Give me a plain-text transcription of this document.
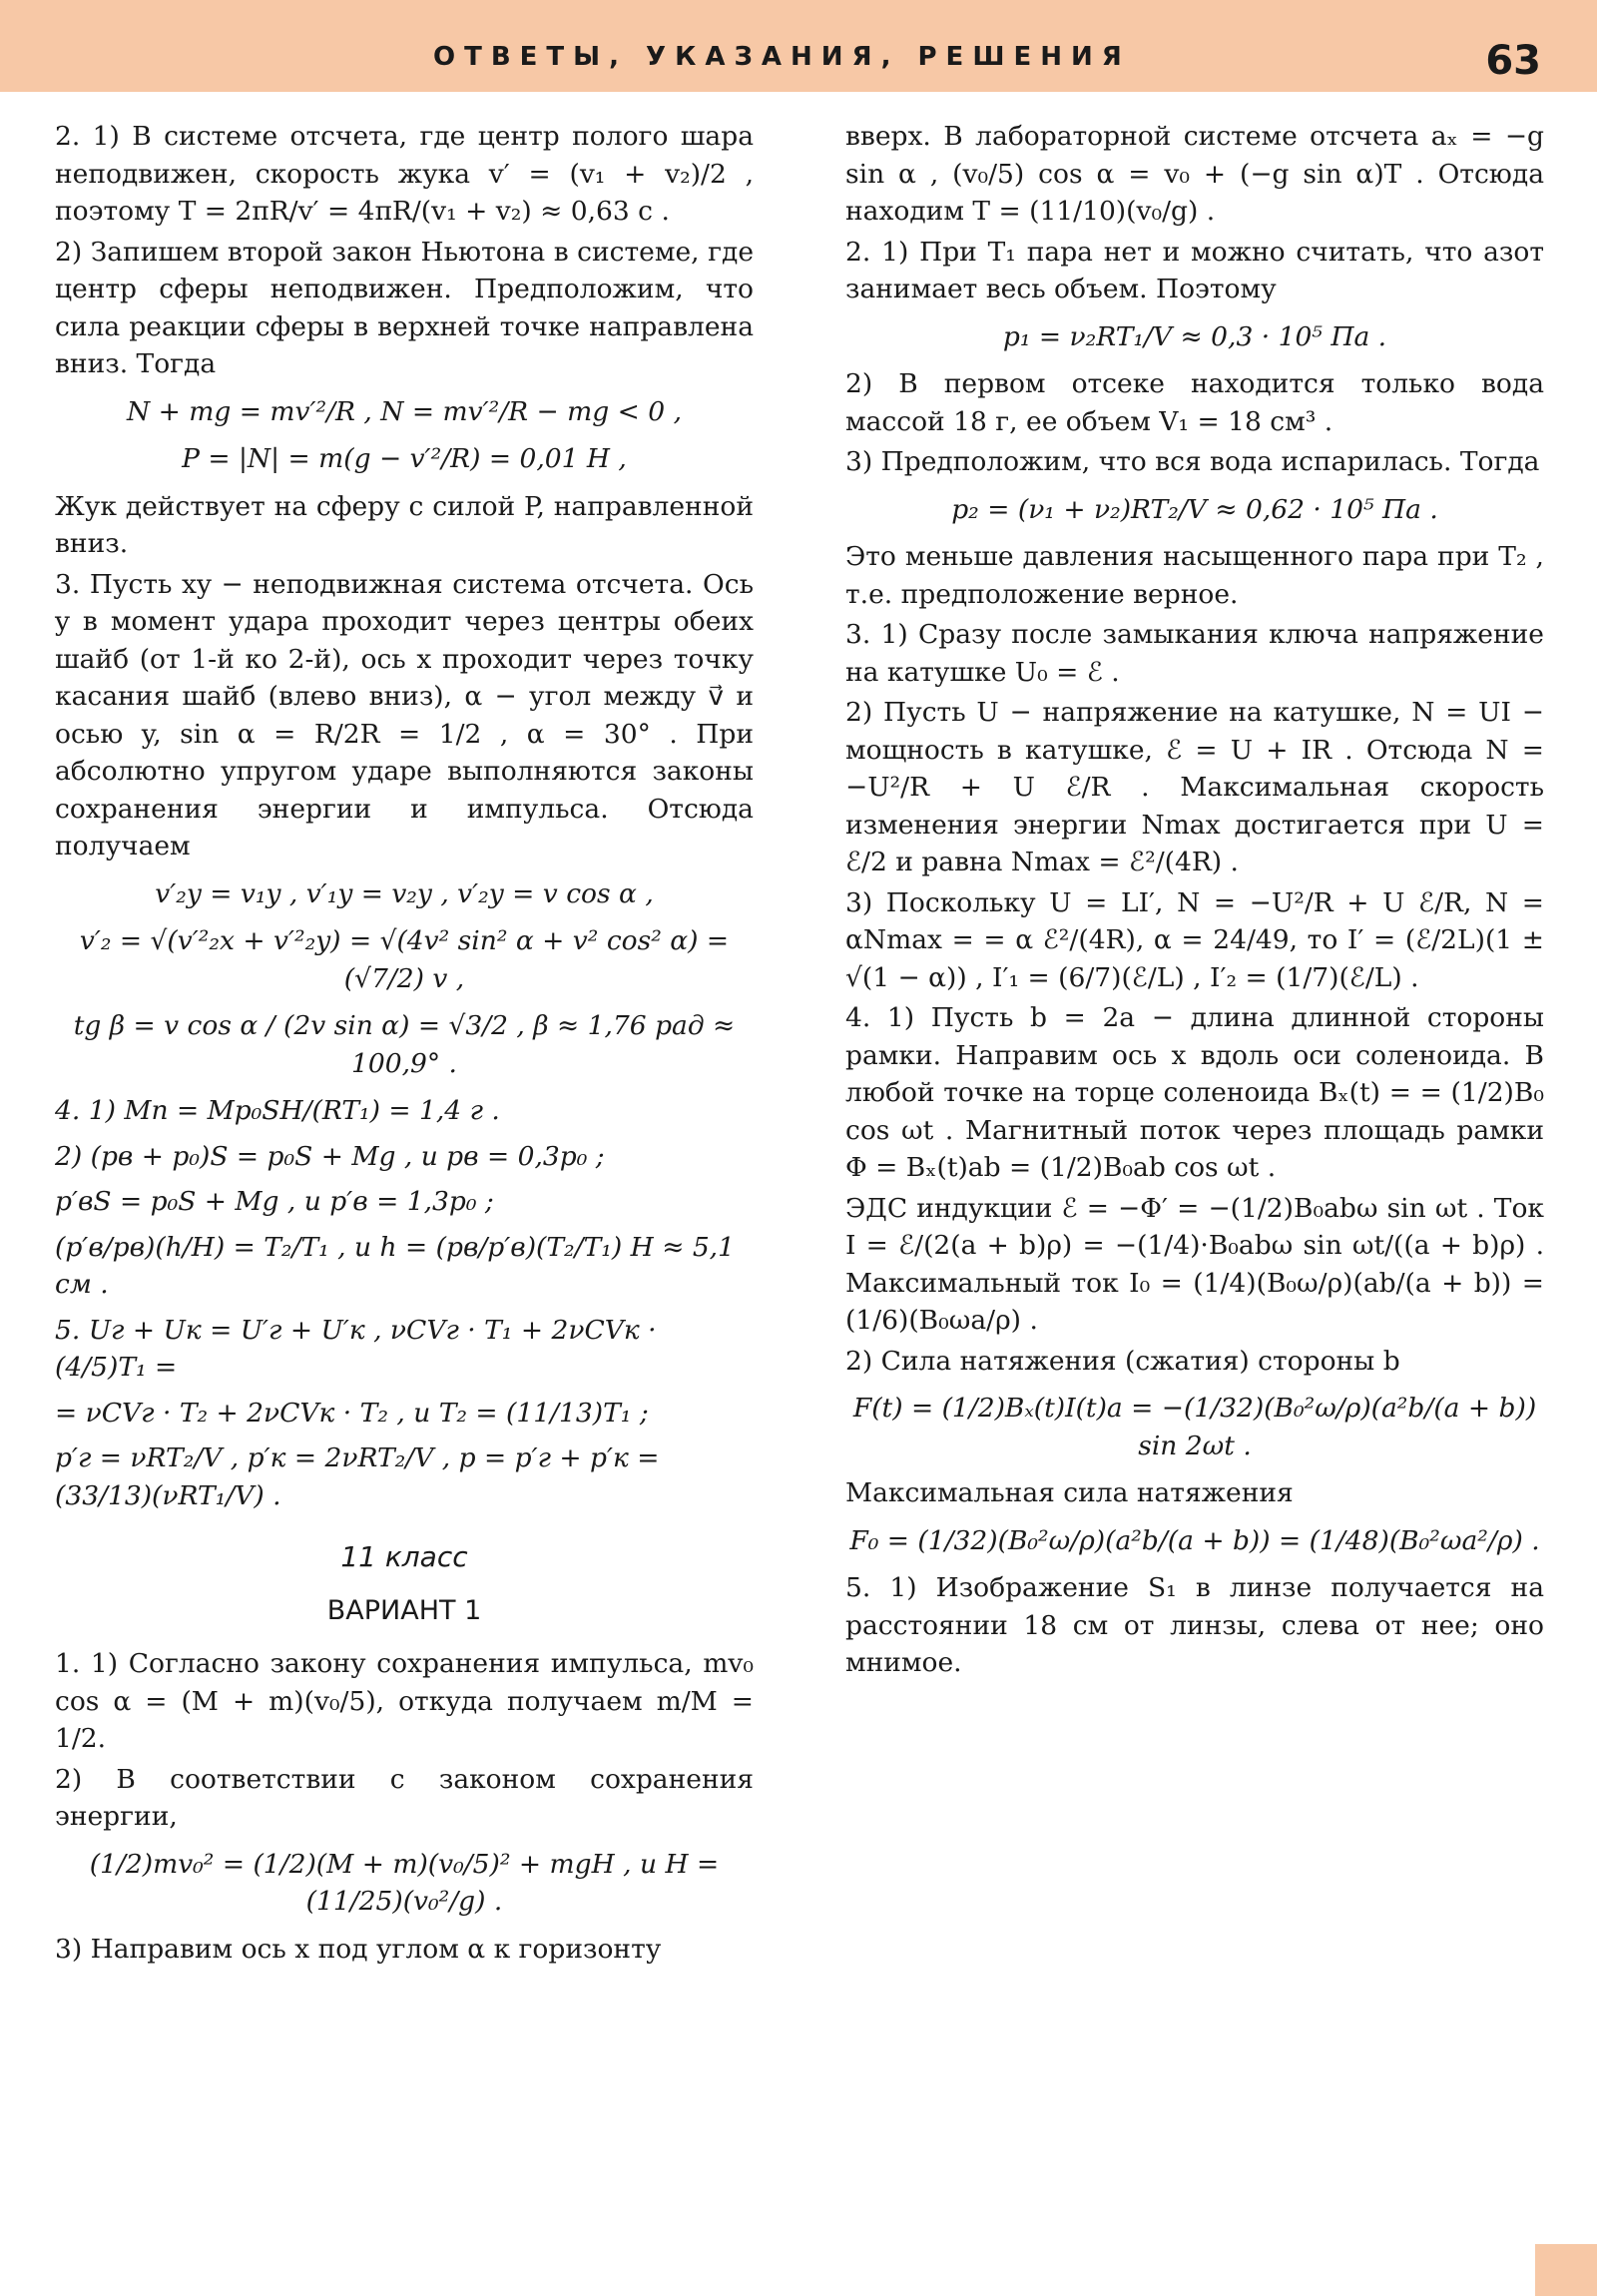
ОТВЕТЫ, УКАЗАНИЯ, РЕШЕНИЯ	63

2. 1) В системе отсчета, где центр полого шара неподвижен, скорость жука v′ = (v₁ + v₂)/2 , поэтому T = 2πR/v′ = 4πR/(v₁ + v₂) ≈ 0,63 с .

2) Запишем второй закон Ньютона в системе, где центр сферы неподвижен. Предположим, что сила реакции сферы в верхней точке направлена вниз. Тогда

N + mg = mv′²/R , N = mv′²/R − mg < 0 ,

P = |N| = m(g − v′²/R) = 0,01 Н ,

Жук действует на сферу с силой P, направленной вниз.

3. Пусть xy − неподвижная система отсчета. Ось y в момент удара проходит через центры обеих шайб (от 1-й ко 2-й), ось x проходит через точку касания шайб (влево вниз), α − угол между v⃗ и осью y, sin α = R/2R = 1/2 , α = 30° . При абсолютно упругом ударе выполняются законы сохранения энергии и импульса. Отсюда получаем

v′₂y = v₁y , v′₁y = v₂y , v′₂y = v cos α ,

v′₂ = √(v′²₂x + v′²₂y) = √(4v² sin² α + v² cos² α) = (√7/2) v ,

tg β = v cos α / (2v sin α) = √3/2 , β ≈ 1,76 рад ≈ 100,9° .

4. 1) Mп = Mp₀SH/(RT₁) = 1,4 г .

2) (pв + p₀)S = p₀S + Mg , и pв = 0,3p₀ ;

p′вS = p₀S + Mg , и p′в = 1,3p₀ ;

(p′в/pв)(h/H) = T₂/T₁ , и h = (pв/p′в)(T₂/T₁) H ≈ 5,1 см .

5. Uг + Uк = U′г + U′к , νCVг · T₁ + 2νCVк · (4/5)T₁ =

= νCVг · T₂ + 2νCVк · T₂ , и T₂ = (11/13)T₁ ;

p′г = νRT₂/V , p′к = 2νRT₂/V , p = p′г + p′к = (33/13)(νRT₁/V) .

11 класс
ВАРИАНТ 1

1. 1) Согласно закону сохранения импульса, mv₀ cos α = (M + m)(v₀/5), откуда получаем m/M = 1/2.

2) В соответствии с законом сохранения энергии,

(1/2)mv₀² = (1/2)(M + m)(v₀/5)² + mgH , и H = (11/25)(v₀²/g) .

3) Направим ось x под углом α к горизонту

вверх. В лабораторной системе отсчета aₓ = −g sin α , (v₀/5) cos α = v₀ + (−g sin α)T . Отсюда находим T = (11/10)(v₀/g) .

2. 1) При T₁ пара нет и можно считать, что азот занимает весь объем. Поэтому

p₁ = ν₂RT₁/V ≈ 0,3 · 10⁵ Па .

2) В первом отсеке находится только вода массой 18 г, ее объем V₁ = 18 см³ .

3) Предположим, что вся вода испарилась. Тогда

p₂ = (ν₁ + ν₂)RT₂/V ≈ 0,62 · 10⁵ Па .

Это меньше давления насыщенного пара при T₂ , т.е. предположение верное.

3. 1) Сразу после замыкания ключа напряжение на катушке U₀ = ℰ .

2) Пусть U − напряжение на катушке, N = UI − мощность в катушке, ℰ = U + IR . Отсюда N = −U²/R + U ℰ/R . Максимальная скорость изменения энергии Nmax достигается при U = ℰ/2 и равна Nmax = ℰ²/(4R) .

3) Поскольку U = LI′, N = −U²/R + U ℰ/R, N = αNmax = = α ℰ²/(4R), α = 24/49, то I′ = (ℰ/2L)(1 ± √(1 − α)) , I′₁ = (6/7)(ℰ/L) , I′₂ = (1/7)(ℰ/L) .

4. 1) Пусть b = 2a − длина длинной стороны рамки. Направим ось x вдоль оси соленоида. В любой точке на торце соленоида Bₓ(t) = = (1/2)B₀ cos ωt . Магнитный поток через площадь рамки Φ = Bₓ(t)ab = (1/2)B₀ab cos ωt .

ЭДС индукции ℰ = −Φ′ = −(1/2)B₀abω sin ωt . Ток I = ℰ/(2(a + b)ρ) = −(1/4)·B₀abω sin ωt/((a + b)ρ) . Максимальный ток I₀ = (1/4)(B₀ω/ρ)(ab/(a + b)) = (1/6)(B₀ωa/ρ) .

2) Сила натяжения (сжатия) стороны b

F(t) = (1/2)Bₓ(t)I(t)a = −(1/32)(B₀²ω/ρ)(a²b/(a + b)) sin 2ωt .

Максимальная сила натяжения

F₀ = (1/32)(B₀²ω/ρ)(a²b/(a + b)) = (1/48)(B₀²ωa²/ρ) .

5. 1) Изображение S₁ в линзе получается на расстоянии 18 см от линзы, слева от нее; оно мнимое.
